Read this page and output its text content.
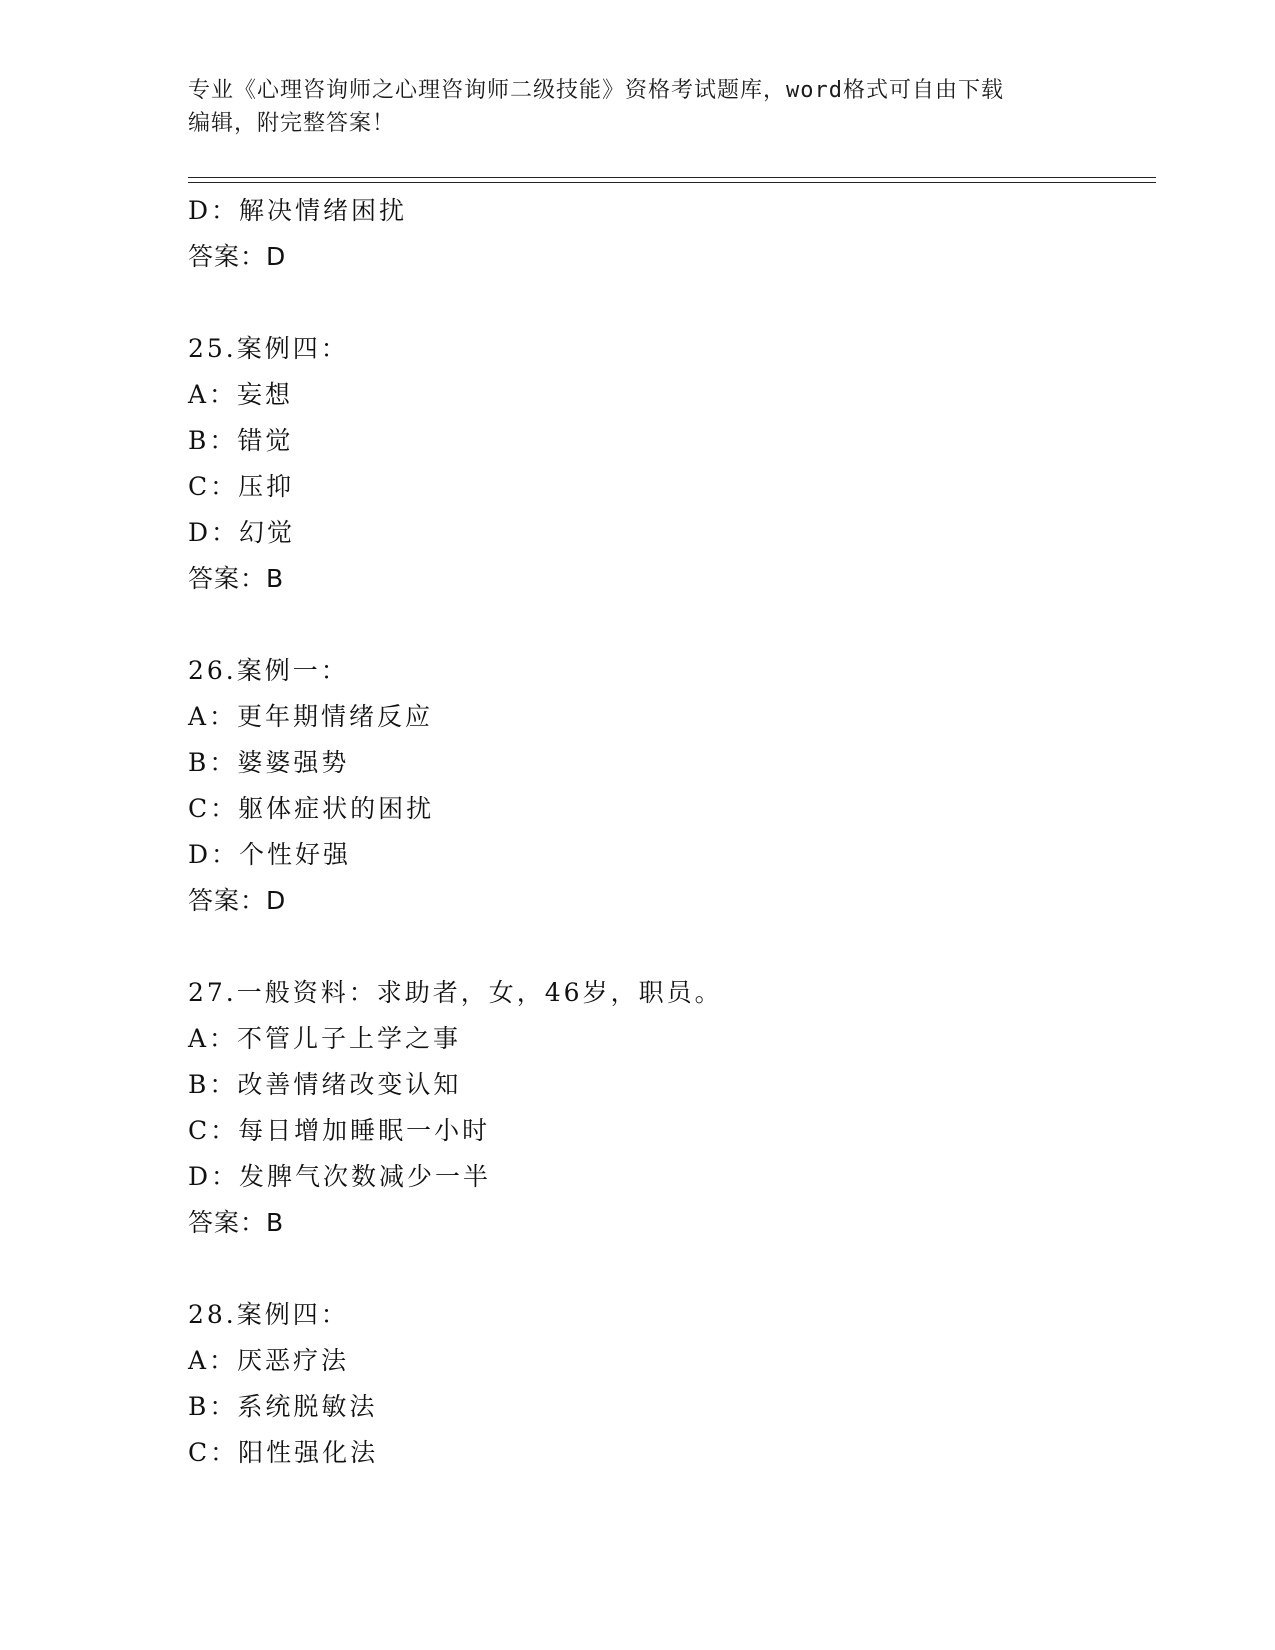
专业《心理咨询师之心理咨询师二级技能》资格考试题库，word格式可自由下载
编辑，附完整答案！
D：解决情绪困扰
答案：D
25.案例四：
A：妄想
B：错觉
C：压抑
D：幻觉
答案：B
26.案例一：
A：更年期情绪反应
B：婆婆强势
C：躯体症状的困扰
D：个性好强
答案：D
27.一般资料：求助者，女，46岁，职员。
A：不管儿子上学之事
B：改善情绪改变认知
C：每日增加睡眠一小时
D：发脾气次数减少一半
答案：B
28.案例四：
A：厌恶疗法
B：系统脱敏法
C：阳性强化法
